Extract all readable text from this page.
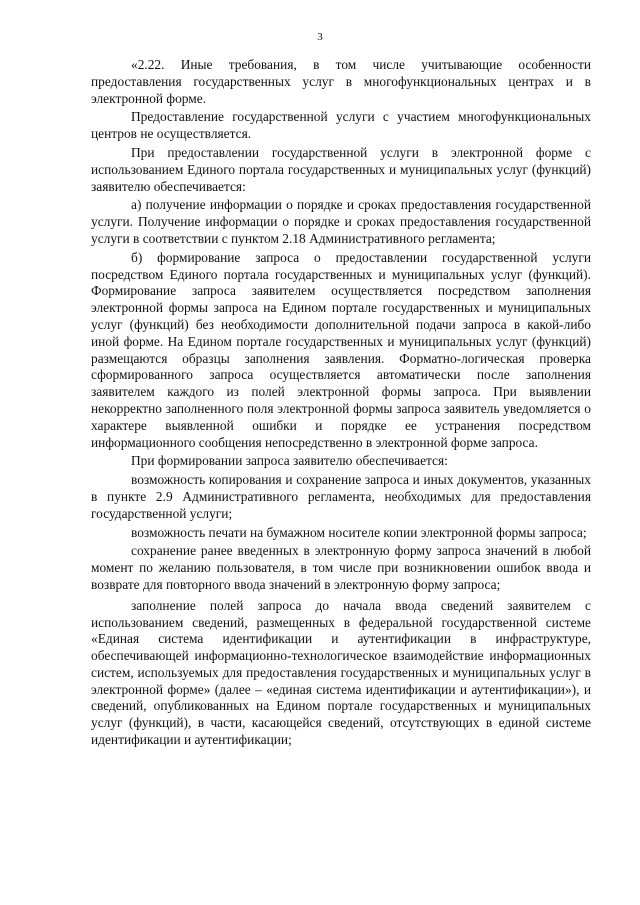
3

«2.22. Иные требования, в том числе учитывающие особенности предоставления государственных услуг в многофункциональных центрах и в электронной форме.

Предоставление государственной услуги с участием многофункциональных центров не осуществляется.

При предоставлении государственной услуги в электронной форме с использованием Единого портала государственных и муниципальных услуг (функций) заявителю обеспечивается:

а) получение информации о порядке и сроках предоставления государственной услуги. Получение информации о порядке и сроках предоставления государственной услуги в соответствии с пунктом 2.18 Административного регламента;

б) формирование запроса о предоставлении государственной услуги посредством Единого портала государственных и муниципальных услуг (функций). Формирование запроса заявителем осуществляется посредством заполнения электронной формы запроса на Едином портале государственных и муниципальных услуг (функций) без необходимости дополнительной подачи запроса в какой-либо иной форме. На Едином портале государственных и муниципальных услуг (функций) размещаются образцы заполнения заявления. Форматно-логическая проверка сформированного запроса осуществляется автоматически после заполнения заявителем каждого из полей электронной формы запроса. При выявлении некорректно заполненного поля электронной формы запроса заявитель уведомляется о характере выявленной ошибки и порядке ее устранения посредством информационного сообщения непосредственно в электронной форме запроса.

При формировании запроса заявителю обеспечивается:

возможность копирования и сохранение запроса и иных документов, указанных в пункте 2.9 Административного регламента, необходимых для предоставления государственной услуги;

возможность печати на бумажном носителе копии электронной формы запроса;

сохранение ранее введенных в электронную форму запроса значений в любой момент по желанию пользователя, в том числе при возникновении ошибок ввода и возврате для повторного ввода значений в электронную форму запроса;

заполнение полей запроса до начала ввода сведений заявителем с использованием сведений, размещенных в федеральной государственной системе «Единая система идентификации и аутентификации в инфраструктуре, обеспечивающей информационно-технологическое взаимодействие информационных систем, используемых для предоставления государственных и муниципальных услуг в электронной форме» (далее – «единая система идентификации и аутентификации»), и сведений, опубликованных на Едином портале государственных и муниципальных услуг (функций), в части, касающейся сведений, отсутствующих в единой системе идентификации и аутентификации;
